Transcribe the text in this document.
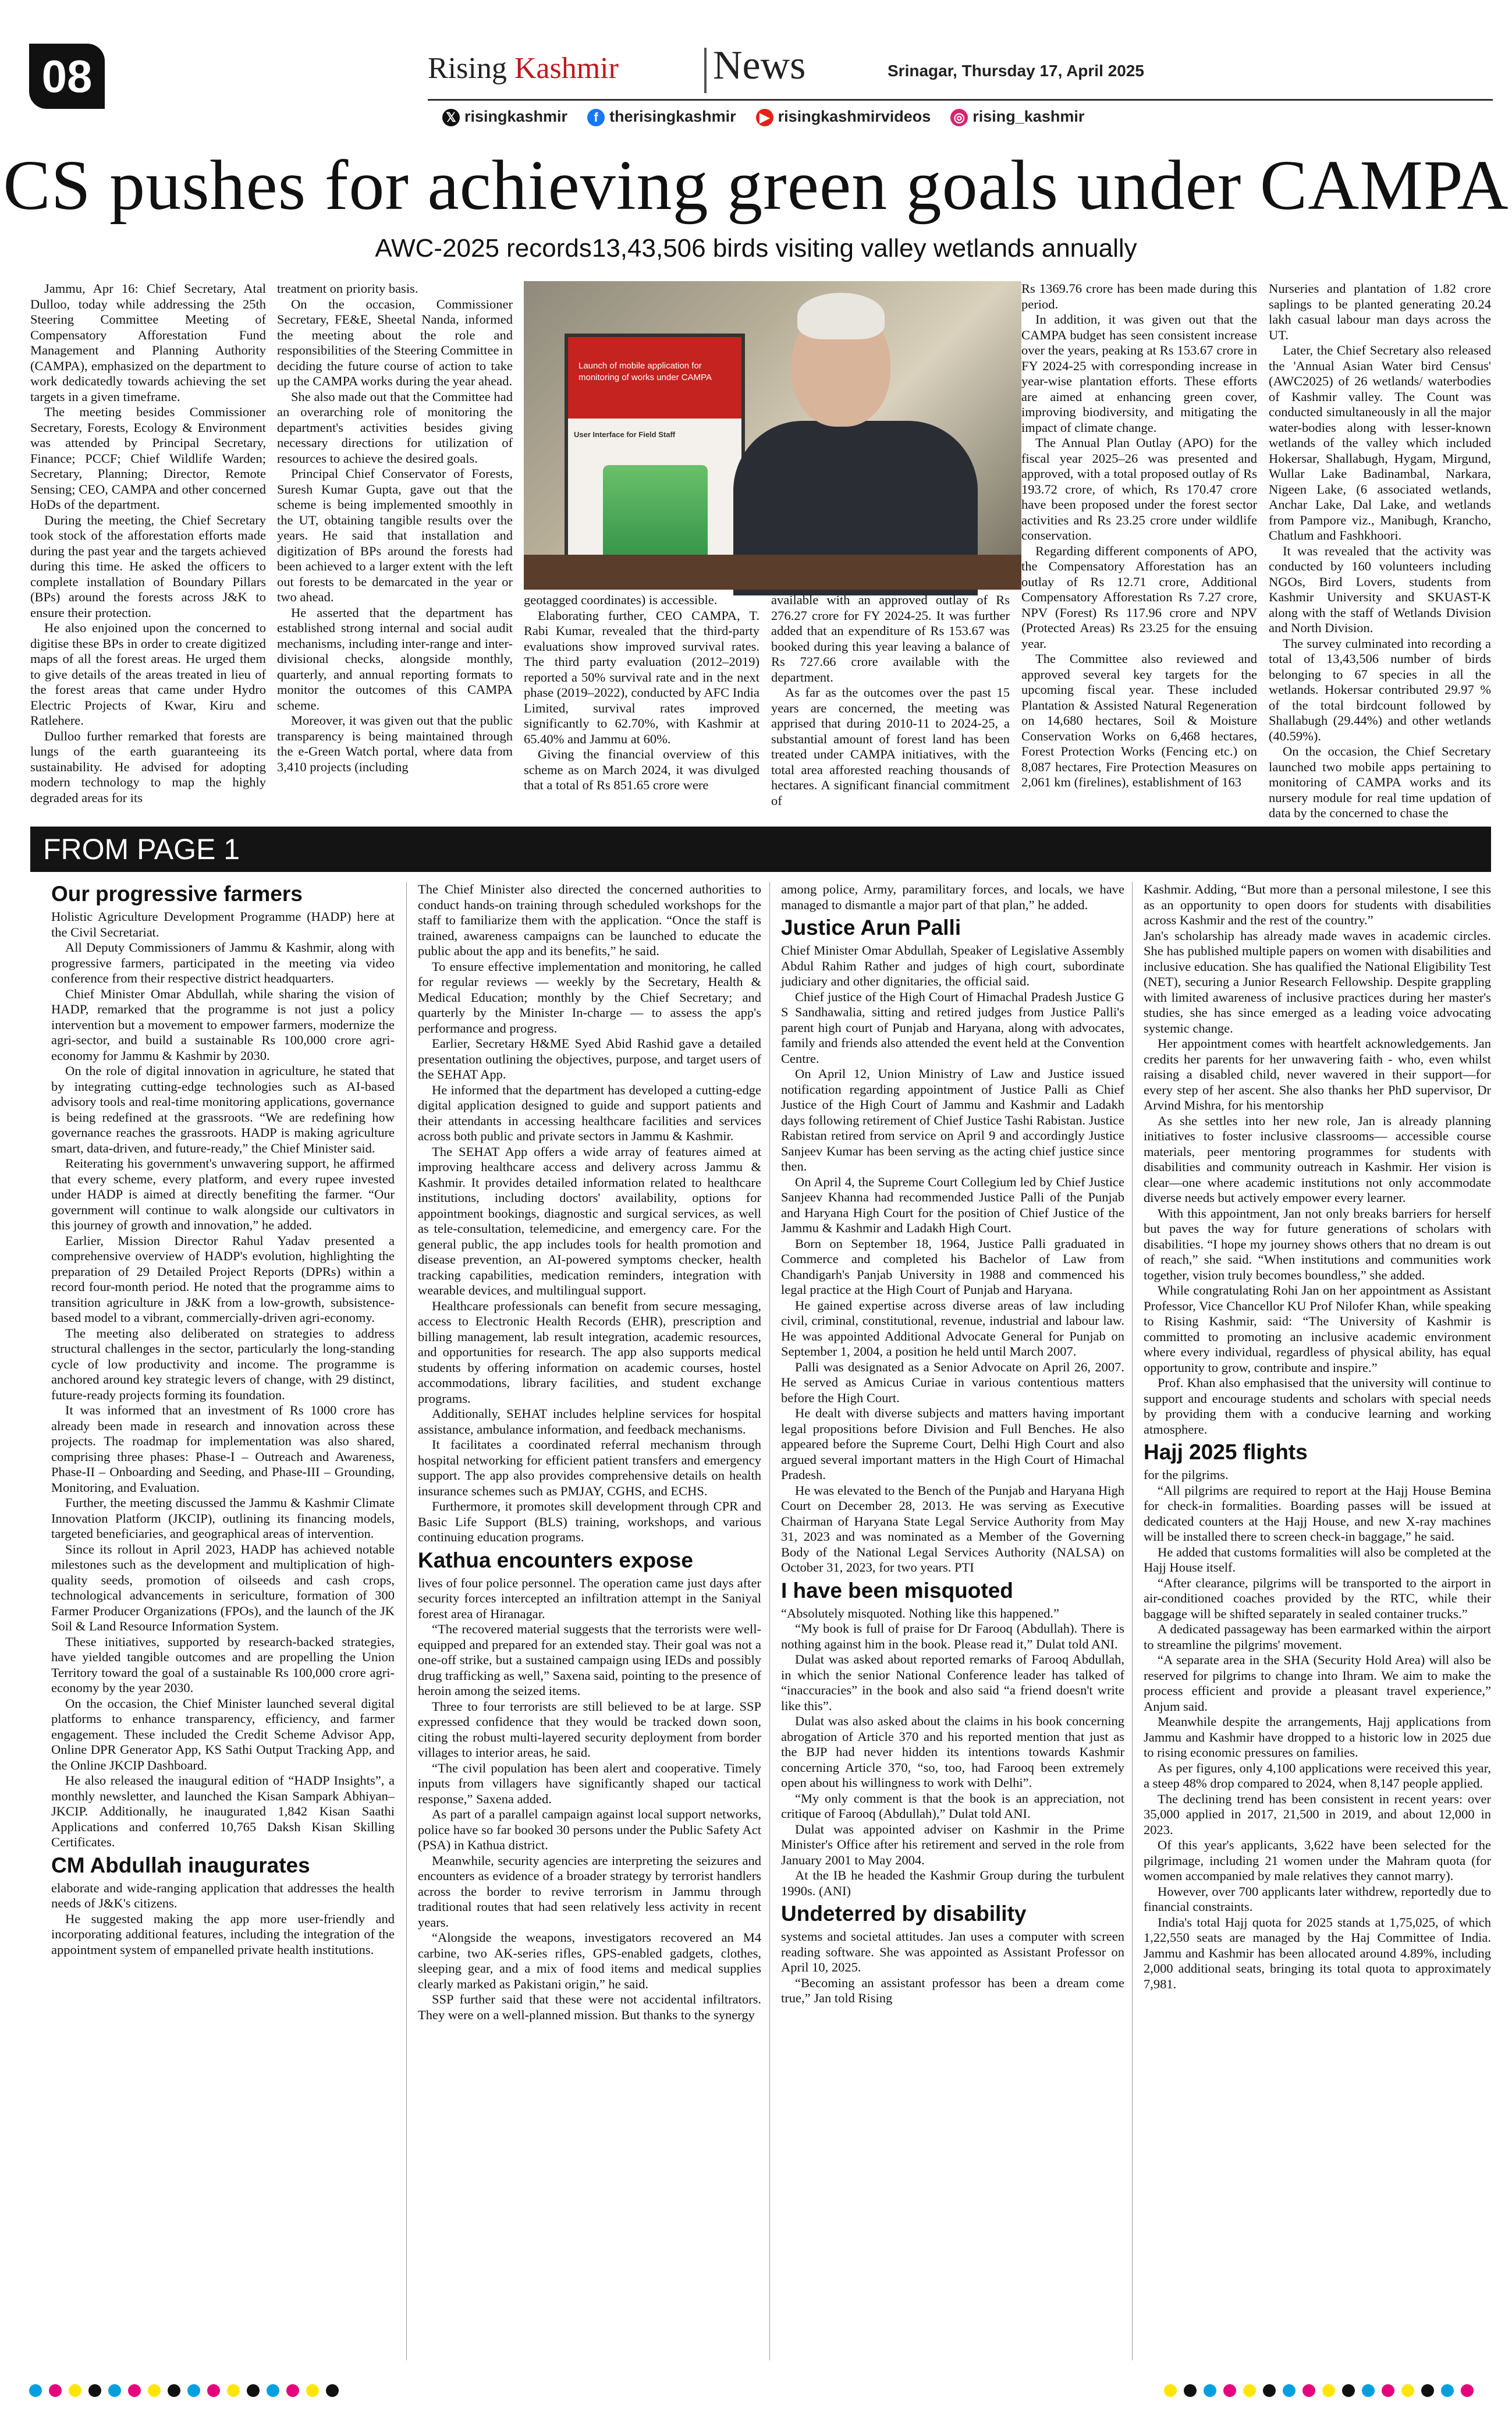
08	Rising Kashmir News	Srinagar, Thursday 17, April 2025
𝕏 risingkashmir	f therisingkashmir ▶ risingkashmirvideos ◎ rising_kashmir
CS pushes for achieving green goals under CAMPA
AWC-2025 records13,43,506 birds visiting valley wetlands annually

Jammu, Apr 16: Chief Secretary, Atal Dulloo, today while addressing the 25th Steering Committee Meeting of Compensatory Afforestation Fund Management and Planning Authority (CAMPA), emphasized on the department to work dedicatedly towards achieving the set targets in a given timeframe.

The meeting besides Commissioner Secretary, Forests, Ecology & Environment was attended by Principal Secretary, Finance; PCCF; Chief Wildlife Warden; Secretary, Planning; Director, Remote Sensing; CEO, CAMPA and other concerned HoDs of the department.

During the meeting, the Chief Secretary took stock of the afforestation efforts made during the past year and the targets achieved during this time. He asked the officers to complete installation of Boundary Pillars (BPs) around the forests across J&K to ensure their protection.

He also enjoined upon the concerned to digitise these BPs in order to create digitized maps of all the forest areas. He urged them to give details of the areas treated in lieu of the forest areas that came under Hydro Electric Projects of Kwar, Kiru and Ratlehere.

Dulloo further remarked that forests are lungs of the earth guaranteeing its sustainability. He advised for adopting modern technology to map the highly degraded areas for its

treatment on priority basis.

On the occasion, Commissioner Secretary, FE&E, Sheetal Nanda, informed the meeting about the role and responsibilities of the Steering Committee in deciding the future course of action to take up the CAMPA works during the year ahead.

She also made out that the Committee had an overarching role of monitoring the department's activities besides giving necessary directions for utilization of resources to achieve the desired goals.

Principal Chief Conservator of Forests, Suresh Kumar Gupta, gave out that the scheme is being implemented smoothly in the UT, obtaining tangible results over the years. He said that installation and digitization of BPs around the forests had been achieved to a larger extent with the left out forests to be demarcated in the year or two ahead.

He asserted that the department has established strong internal and social audit mechanisms, including inter-range and inter-divisional checks, alongside monthly, quarterly, and annual reporting formats to monitor the outcomes of this CAMPA scheme.

Moreover, it was given out that the public transparency is being maintained through the e-Green Watch portal, where data from 3,410 projects (including

Launch of mobile application for monitoring of works under CAMPA
User Interface for Field Staff

geotagged coordinates) is accessible.

Elaborating further, CEO CAMPA, T. Rabi Kumar, revealed that the third-party evaluations show improved survival rates. The third party evaluation (2012–2019) reported a 50% survival rate and in the next phase (2019–2022), conducted by AFC India Limited, survival rates improved significantly to 62.70%, with Kashmir at 65.40% and Jammu at 60%.

Giving the financial overview of this scheme as on March 2024, it was divulged that a total of Rs 851.65 crore were

available with an approved outlay of Rs 276.27 crore for FY 2024-25. It was further added that an expenditure of Rs 153.67 was booked during this year leaving a balance of Rs 727.66 crore available with the department.

As far as the outcomes over the past 15 years are concerned, the meeting was apprised that during 2010-11 to 2024-25, a substantial amount of forest land has been treated under CAMPA initiatives, with the total area afforested reaching thousands of hectares. A significant financial commitment of

Rs 1369.76 crore has been made during this period.

In addition, it was given out that the CAMPA budget has seen consistent increase over the years, peaking at Rs 153.67 crore in FY 2024-25 with corresponding increase in year-wise plantation efforts. These efforts are aimed at enhancing green cover, improving biodiversity, and mitigating the impact of climate change.

The Annual Plan Outlay (APO) for the fiscal year 2025–26 was presented and approved, with a total proposed outlay of Rs 193.72 crore, of which, Rs 170.47 crore have been proposed under the forest sector activities and Rs 23.25 crore under wildlife conservation.

Regarding different components of APO, the Compensatory Afforestation has an outlay of Rs 12.71 crore, Additional Compensatory Afforestation Rs 7.27 crore, NPV (Forest) Rs 117.96 crore and NPV (Protected Areas) Rs 23.25 for the ensuing year.

The Committee also reviewed and approved several key targets for the upcoming fiscal year. These included Plantation & Assisted Natural Regeneration on 14,680 hectares, Soil & Moisture Conservation Works on 6,468 hectares, Forest Protection Works (Fencing etc.) on 8,087 hectares, Fire Protection Measures on 2,061 km (firelines), establishment of 163

Nurseries and plantation of 1.82 crore saplings to be planted generating 20.24 lakh casual labour man days across the UT.

Later, the Chief Secretary also released the 'Annual Asian Water bird Census' (AWC2025) of 26 wetlands/ waterbodies of Kashmir valley. The Count was conducted simultaneously in all the major water-bodies along with lesser-known wetlands of the valley which included Hokersar, Shallabugh, Hygam, Mirgund, Wullar Lake Badinambal, Narkara, Nigeen Lake, (6 associated wetlands, Anchar Lake, Dal Lake, and wetlands from Pampore viz., Manibugh, Krancho, Chatlum and Fashkhoori.

It was revealed that the activity was conducted by 160 volunteers including NGOs, Bird Lovers, students from Kashmir University and SKUAST-K along with the staff of Wetlands Division and North Division.

The survey culminated into recording a total of 13,43,506 number of birds belonging to 67 species in all the wetlands. Hokersar contributed 29.97 % of the total birdcount followed by Shallabugh (29.44%) and other wetlands (40.59%).

On the occasion, the Chief Secretary launched two mobile apps pertaining to monitoring of CAMPA works and its nursery module for real time updation of data by the concerned to chase the

FROM PAGE 1
Our progressive farmers

Holistic Agriculture Development Programme (HADP) here at the Civil Secretariat.

All Deputy Commissioners of Jammu & Kashmir, along with progressive farmers, participated in the meeting via video conference from their respective district headquarters.

Chief Minister Omar Abdullah, while sharing the vision of HADP, remarked that the programme is not just a policy intervention but a movement to empower farmers, modernize the agri-sector, and build a sustainable Rs 100,000 crore agri-economy for Jammu & Kashmir by 2030.

On the role of digital innovation in agriculture, he stated that by integrating cutting-edge technologies such as AI-based advisory tools and real-time monitoring applications, governance is being redefined at the grassroots. “We are redefining how governance reaches the grassroots. HADP is making agriculture smart, data-driven, and future-ready,” the Chief Minister said.

Reiterating his government's unwavering support, he affirmed that every scheme, every platform, and every rupee invested under HADP is aimed at directly benefiting the farmer. “Our government will continue to walk alongside our cultivators in this journey of growth and innovation,” he added.

Earlier, Mission Director Rahul Yadav presented a comprehensive overview of HADP's evolution, highlighting the preparation of 29 Detailed Project Reports (DPRs) within a record four-month period. He noted that the programme aims to transition agriculture in J&K from a low-growth, subsistence-based model to a vibrant, commercially-driven agri-economy.

The meeting also deliberated on strategies to address structural challenges in the sector, particularly the long-standing cycle of low productivity and income. The programme is anchored around key strategic levers of change, with 29 distinct, future-ready projects forming its foundation.

It was informed that an investment of Rs 1000 crore has already been made in research and innovation across these projects. The roadmap for implementation was also shared, comprising three phases: Phase-I – Outreach and Awareness, Phase-II – Onboarding and Seeding, and Phase-III – Grounding, Monitoring, and Evaluation.

Further, the meeting discussed the Jammu & Kashmir Climate Innovation Platform (JKCIP), outlining its financing models, targeted beneficiaries, and geographical areas of intervention.

Since its rollout in April 2023, HADP has achieved notable milestones such as the development and multiplication of high-quality seeds, promotion of oilseeds and cash crops, technological advancements in sericulture, formation of 300 Farmer Producer Organizations (FPOs), and the launch of the JK Soil & Land Resource Information System.

These initiatives, supported by research-backed strategies, have yielded tangible outcomes and are propelling the Union Territory toward the goal of a sustainable Rs 100,000 crore agri-economy by the year 2030.

On the occasion, the Chief Minister launched several digital platforms to enhance transparency, efficiency, and farmer engagement. These included the Credit Scheme Advisor App, Online DPR Generator App, KS Sathi Output Tracking App, and the Online JKCIP Dashboard.

He also released the inaugural edition of “HADP Insights”, a monthly newsletter, and launched the Kisan Sampark Abhiyan–JKCIP. Additionally, he inaugurated 1,842 Kisan Saathi Applications and conferred 10,765 Daksh Kisan Skilling Certificates.

CM Abdullah inaugurates

elaborate and wide-ranging application that addresses the health needs of J&K's citizens.

He suggested making the app more user-friendly and incorporating additional features, including the integration of the appointment system of empanelled private health institutions.

The Chief Minister also directed the concerned authorities to conduct hands-on training through scheduled workshops for the staff to familiarize them with the application. “Once the staff is trained, awareness campaigns can be launched to educate the public about the app and its benefits,” he said.

To ensure effective implementation and monitoring, he called for regular reviews — weekly by the Secretary, Health & Medical Education; monthly by the Chief Secretary; and quarterly by the Minister In-charge — to assess the app's performance and progress.

Earlier, Secretary H&ME Syed Abid Rashid gave a detailed presentation outlining the objectives, purpose, and target users of the SEHAT App.

He informed that the department has developed a cutting-edge digital application designed to guide and support patients and their attendants in accessing healthcare facilities and services across both public and private sectors in Jammu & Kashmir.

The SEHAT App offers a wide array of features aimed at improving healthcare access and delivery across Jammu & Kashmir. It provides detailed information related to healthcare institutions, including doctors' availability, options for appointment bookings, diagnostic and surgical services, as well as tele-consultation, telemedicine, and emergency care. For the general public, the app includes tools for health promotion and disease prevention, an AI-powered symptoms checker, health tracking capabilities, medication reminders, integration with wearable devices, and multilingual support.

Healthcare professionals can benefit from secure messaging, access to Electronic Health Records (EHR), prescription and billing management, lab result integration, academic resources, and opportunities for research. The app also supports medical students by offering information on academic courses, hostel accommodations, library facilities, and student exchange programs.

Additionally, SEHAT includes helpline services for hospital assistance, ambulance information, and feedback mechanisms.

It facilitates a coordinated referral mechanism through hospital networking for efficient patient transfers and emergency support. The app also provides comprehensive details on health insurance schemes such as PMJAY, CGHS, and ECHS.

Furthermore, it promotes skill development through CPR and Basic Life Support (BLS) training, workshops, and various continuing education programs.

Kathua encounters expose

lives of four police personnel. The operation came just days after security forces intercepted an infiltration attempt in the Saniyal forest area of Hiranagar.

“The recovered material suggests that the terrorists were well-equipped and prepared for an extended stay. Their goal was not a one-off strike, but a sustained campaign using IEDs and possibly drug trafficking as well,” Saxena said, pointing to the presence of heroin among the seized items.

Three to four terrorists are still believed to be at large. SSP expressed confidence that they would be tracked down soon, citing the robust multi-layered security deployment from border villages to interior areas, he said.

“The civil population has been alert and cooperative. Timely inputs from villagers have significantly shaped our tactical response,” Saxena added.

As part of a parallel campaign against local support networks, police have so far booked 30 persons under the Public Safety Act (PSA) in Kathua district.

Meanwhile, security agencies are interpreting the seizures and encounters as evidence of a broader strategy by terrorist handlers across the border to revive terrorism in Jammu through traditional routes that had seen relatively less activity in recent years.

“Alongside the weapons, investigators recovered an M4 carbine, two AK-series rifles, GPS-enabled gadgets, clothes, sleeping gear, and a mix of food items and medical supplies clearly marked as Pakistani origin,” he said.

SSP further said that these were not accidental infiltrators. They were on a well-planned mission. But thanks to the synergy

among police, Army, paramilitary forces, and locals, we have managed to dismantle a major part of that plan,” he added.

Justice Arun Palli

Chief Minister Omar Abdullah, Speaker of Legislative Assembly Abdul Rahim Rather and judges of high court, subordinate judiciary and other dignitaries, the official said.

Chief justice of the High Court of Himachal Pradesh Justice G S Sandhawalia, sitting and retired judges from Justice Palli's parent high court of Punjab and Haryana, along with advocates, family and friends also attended the event held at the Convention Centre.

On April 12, Union Ministry of Law and Justice issued notification regarding appointment of Justice Palli as Chief Justice of the High Court of Jammu and Kashmir and Ladakh days following retirement of Chief Justice Tashi Rabistan. Justice Rabistan retired from service on April 9 and accordingly Justice Sanjeev Kumar has been serving as the acting chief justice since then.

On April 4, the Supreme Court Collegium led by Chief Justice Sanjeev Khanna had recommended Justice Palli of the Punjab and Haryana High Court for the position of Chief Justice of the Jammu & Kashmir and Ladakh High Court.

Born on September 18, 1964, Justice Palli graduated in Commerce and completed his Bachelor of Law from Chandigarh's Panjab University in 1988 and commenced his legal practice at the High Court of Punjab and Haryana.

He gained expertise across diverse areas of law including civil, criminal, constitutional, revenue, industrial and labour law. He was appointed Additional Advocate General for Punjab on September 1, 2004, a position he held until March 2007.

Palli was designated as a Senior Advocate on April 26, 2007. He served as Amicus Curiae in various contentious matters before the High Court.

He dealt with diverse subjects and matters having important legal propositions before Division and Full Benches. He also appeared before the Supreme Court, Delhi High Court and also argued several important matters in the High Court of Himachal Pradesh.

He was elevated to the Bench of the Punjab and Haryana High Court on December 28, 2013. He was serving as Executive Chairman of Haryana State Legal Service Authority from May 31, 2023 and was nominated as a Member of the Governing Body of the National Legal Services Authority (NALSA) on October 31, 2023, for two years. PTI

I have been misquoted

“Absolutely misquoted. Nothing like this happened.”

“My book is full of praise for Dr Farooq (Abdullah). There is nothing against him in the book. Please read it,” Dulat told ANI.

Dulat was asked about reported remarks of Farooq Abdullah, in which the senior National Conference leader has talked of “inaccuracies” in the book and also said “a friend doesn't write like this”.

Dulat was also asked about the claims in his book concerning abrogation of Article 370 and his reported mention that just as the BJP had never hidden its intentions towards Kashmir concerning Article 370, “so, too, had Farooq been extremely open about his willingness to work with Delhi”.

“My only comment is that the book is an appreciation, not critique of Farooq (Abdullah),” Dulat told ANI.

Dulat was appointed adviser on Kashmir in the Prime Minister's Office after his retirement and served in the role from January 2001 to May 2004.

At the IB he headed the Kashmir Group during the turbulent 1990s. (ANI)

Undeterred by disability

systems and societal attitudes. Jan uses a computer with screen reading software. She was appointed as Assistant Professor on April 10, 2025.

“Becoming an assistant professor has been a dream come true,” Jan told Rising

Kashmir. Adding, “But more than a personal milestone, I see this as an opportunity to open doors for students with disabilities across Kashmir and the rest of the country.”

Jan's scholarship has already made waves in academic circles. She has published multiple papers on women with disabilities and inclusive education. She has qualified the National Eligibility Test (NET), securing a Junior Research Fellowship. Despite grappling with limited awareness of inclusive practices during her master's studies, she has since emerged as a leading voice advocating systemic change.

Her appointment comes with heartfelt acknowledgements. Jan credits her parents for her unwavering faith - who, even whilst raising a disabled child, never wavered in their support—for every step of her ascent. She also thanks her PhD supervisor, Dr Arvind Mishra, for his mentorship

As she settles into her new role, Jan is already planning initiatives to foster inclusive classrooms— accessible course materials, peer mentoring programmes for students with disabilities and community outreach in Kashmir. Her vision is clear—one where academic institutions not only accommodate diverse needs but actively empower every learner.

With this appointment, Jan not only breaks barriers for herself but paves the way for future generations of scholars with disabilities. “I hope my journey shows others that no dream is out of reach,” she said. “When institutions and communities work together, vision truly becomes boundless,” she added.

While congratulating Rohi Jan on her appointment as Assistant Professor, Vice Chancellor KU Prof Nilofer Khan, while speaking to Rising Kashmir, said: “The University of Kashmir is committed to promoting an inclusive academic environment where every individual, regardless of physical ability, has equal opportunity to grow, contribute and inspire.”

Prof. Khan also emphasised that the university will continue to support and encourage students and scholars with special needs by providing them with a conducive learning and working atmosphere.

Hajj 2025 flights

for the pilgrims.

“All pilgrims are required to report at the Hajj House Bemina for check-in formalities. Boarding passes will be issued at dedicated counters at the Hajj House, and new X-ray machines will be installed there to screen check-in baggage,” he said.

He added that customs formalities will also be completed at the Hajj House itself.

“After clearance, pilgrims will be transported to the airport in air-conditioned coaches provided by the RTC, while their baggage will be shifted separately in sealed container trucks.”

A dedicated passageway has been earmarked within the airport to streamline the pilgrims' movement.

“A separate area in the SHA (Security Hold Area) will also be reserved for pilgrims to change into Ihram. We aim to make the process efficient and provide a pleasant travel experience,” Anjum said.

Meanwhile despite the arrangements, Hajj applications from Jammu and Kashmir have dropped to a historic low in 2025 due to rising economic pressures on families.

As per figures, only 4,100 applications were received this year, a steep 48% drop compared to 2024, when 8,147 people applied.

The declining trend has been consistent in recent years: over 35,000 applied in 2017, 21,500 in 2019, and about 12,000 in 2023.

Of this year's applicants, 3,622 have been selected for the pilgrimage, including 21 women under the Mahram quota (for women accompanied by male relatives they cannot marry).

However, over 700 applicants later withdrew, reportedly due to financial constraints.

India's total Hajj quota for 2025 stands at 1,75,025, of which 1,22,550 seats are managed by the Haj Committee of India. Jammu and Kashmir has been allocated around 4.89%, including 2,000 additional seats, bringing its total quota to approximately 7,981.
